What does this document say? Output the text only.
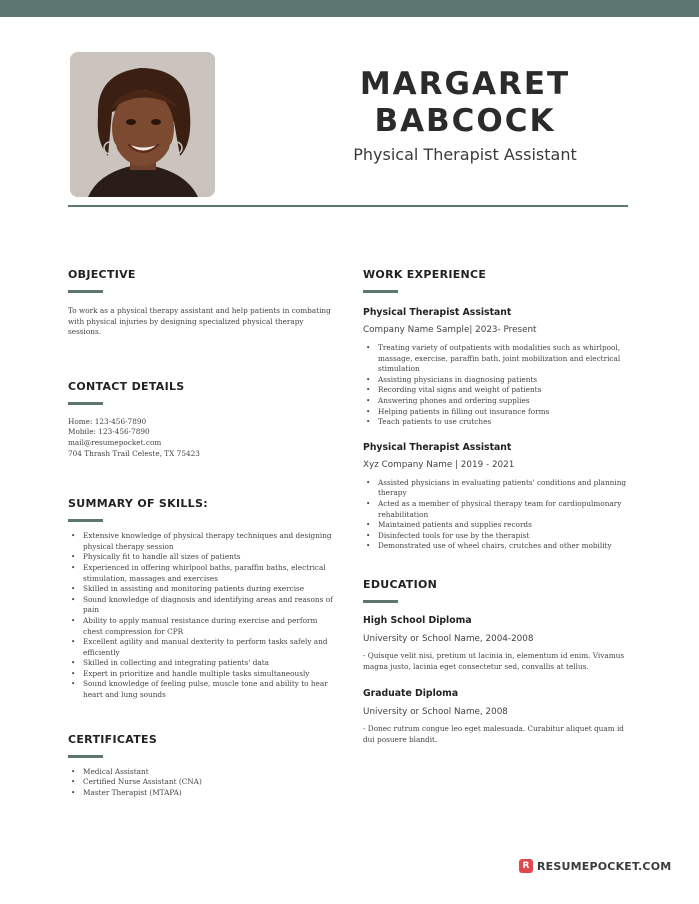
MARGARET
BABCOCK
Physical Therapist Assistant
OBJECTIVE
To work as a physical therapy assistant and help patients in combating with physical injuries by designing specialized physical therapy sessions.
CONTACT DETAILS
Home: 123-456-7890
Mobile: 123-456-7890
mail@resumepocket.com
704 Thrash Trail Celeste, TX 75423
SUMMARY OF SKILLS:
• Extensive knowledge of physical therapy techniques and designing physical therapy session
• Physically fit to handle all sizes of patients
• Experienced in offering whirlpool baths, paraffin baths, electrical stimulation, massages and exercises
• Skilled in assisting and monitoring patients during exercise
• Sound knowledge of diagnosis and identifying areas and reasons of pain
• Ability to apply manual resistance during exercise and perform chest compression for CPR
• Excellent agility and manual dexterity to perform tasks safely and efficiently
• Skilled in collecting and integrating patients' data
• Expert in prioritize and handle multiple tasks simultaneously
• Sound knowledge of feeling pulse, muscle tone and ability to hear heart and lung sounds
CERTIFICATES
• Medical Assistant
• Certified Nurse Assistant (CNA)
• Master Therapist (MTAPA)
WORK EXPERIENCE
Physical Therapist Assistant
Company Name Sample| 2023- Present
• Treating variety of outpatients with modalities such as whirlpool, massage, exercise, paraffin bath, joint mobilization and electrical stimulation
• Assisting physicians in diagnosing patients
• Recording vital signs and weight of patients
• Answering phones and ordering supplies
• Helping patients in filling out insurance forms
• Teach patients to use crutches
Physical Therapist Assistant
Xyz Company Name | 2019 - 2021
• Assisted physicians in evaluating patients' conditions and planning therapy
• Acted as a member of physical therapy team for cardiopulmonary rehabilitation
• Maintained patients and supplies records
• Disinfected tools for use by the therapist
• Demonstrated use of wheel chairs, crutches and other mobility
EDUCATION
High School Diploma
University or School Name, 2004-2008
- Quisque velit nisi, pretium ut lacinia in, elementum id enim. Vivamus magna justo, lacinia eget consectetur sed, convallis at tellus.
Graduate Diploma
University or School Name, 2008
- Donec rutrum congue leo eget malesuada. Curabitur aliquet quam id dui posuere blandit.
R RESUMEPOCKET.COM
